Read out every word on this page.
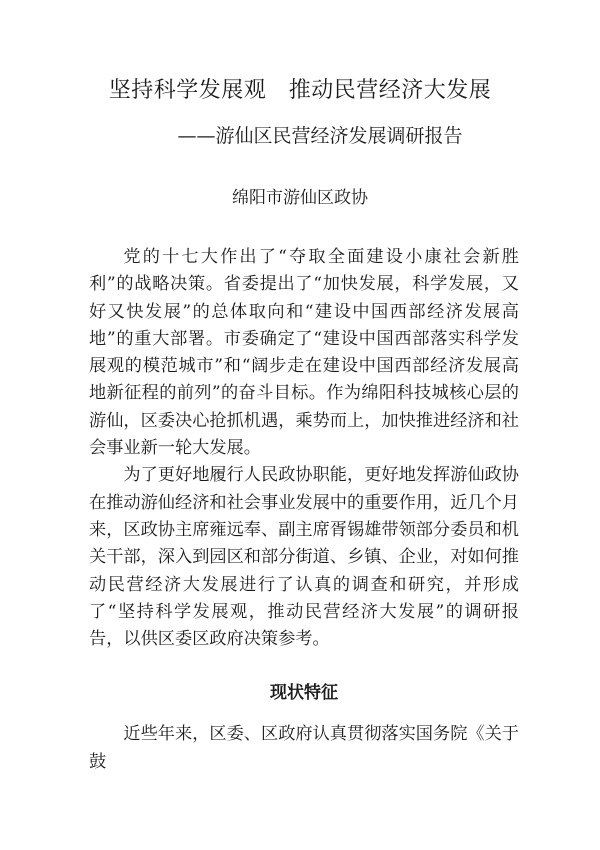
坚持科学发展观　推动民营经济大发展
——游仙区民营经济发展调研报告
绵阳市游仙区政协

党的十七大作出了“夺取全面建设小康社会新胜利”的战略决策。省委提出了“加快发展，科学发展，又好又快发展”的总体取向和“建设中国西部经济发展高地”的重大部署。市委确定了“建设中国西部落实科学发展观的模范城市”和“阔步走在建设中国西部经济发展高地新征程的前列”的奋斗目标。作为绵阳科技城核心层的游仙，区委决心抢抓机遇，乘势而上，加快推进经济和社会事业新一轮大发展。

为了更好地履行人民政协职能，更好地发挥游仙政协在推动游仙经济和社会事业发展中的重要作用，近几个月来，区政协主席雍远奉、副主席胥锡雄带领部分委员和机关干部，深入到园区和部分街道、乡镇、企业，对如何推动民营经济大发展进行了认真的调查和研究，并形成了“坚持科学发展观，推动民营经济大发展”的调研报告，以供区委区政府决策参考。

现状特征

近些年来，区委、区政府认真贯彻落实国务院《关于鼓
